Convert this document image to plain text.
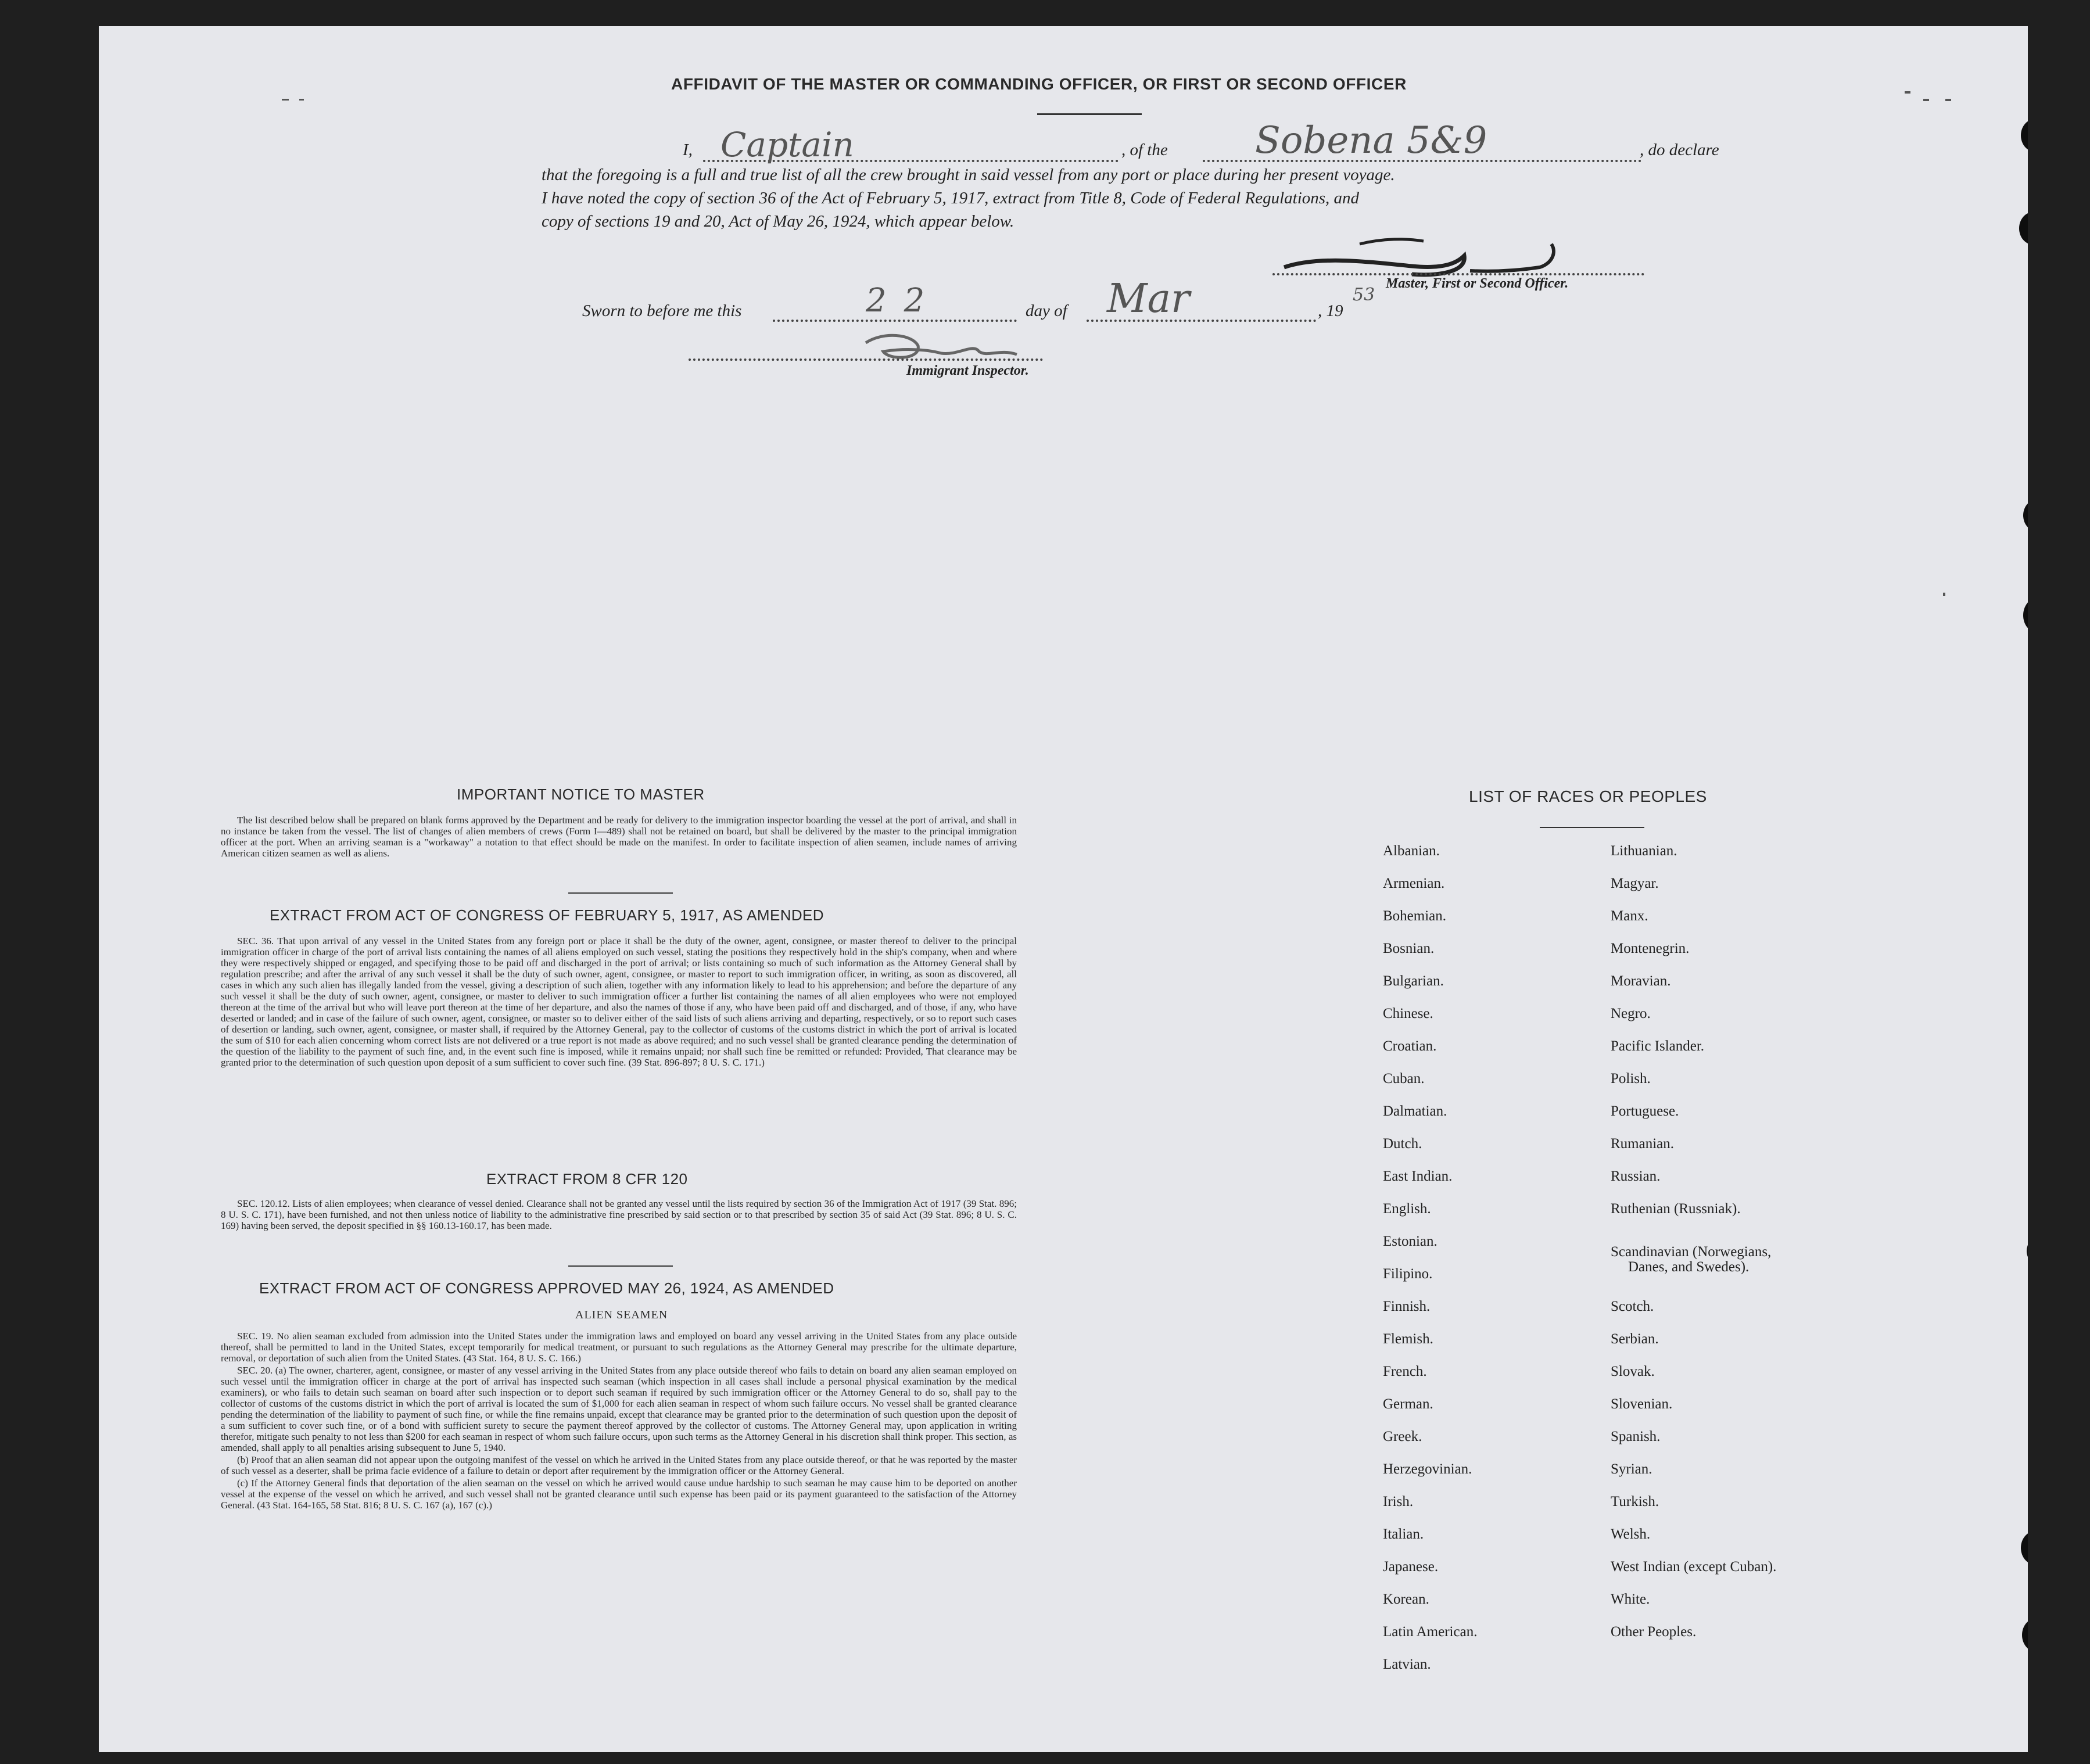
AFFIDAVIT OF THE MASTER OR COMMANDING OFFICER, OR FIRST OR SECOND OFFICER
I, Captain	, of the Sobena 5&9	, do declare
that the foregoing is a full and true list of all the crew brought in said vessel from any port or place during her present voyage.
I have noted the copy of section 36 of the Act of February 5, 1917, extract from Title 8, Code of Federal Regulations, and
copy of sections 19 and 20, Act of May 26, 1924, which appear below.
Master, First or Second Officer.
Sworn to before me this	22	day of Mar	, 19
53
Immigrant Inspector.
IMPORTANT NOTICE TO MASTER

The list described below shall be prepared on blank forms approved by the Department and be ready for delivery to the immigration inspector boarding the vessel at the port of arrival, and shall in no instance be taken from the vessel. The list of changes of alien members of crews (Form I—489) shall not be retained on board, but shall be delivered by the master to the principal immigration officer at the port. When an arriving seaman is a "workaway" a notation to that effect should be made on the manifest. In order to facilitate inspection of alien seamen, include names of arriving American citizen seamen as well as aliens.

EXTRACT FROM ACT OF CONGRESS OF FEBRUARY 5, 1917, AS AMENDED

SEC. 36. That upon arrival of any vessel in the United States from any foreign port or place it shall be the duty of the owner, agent, consignee, or master thereof to deliver to the principal immigration officer in charge of the port of arrival lists containing the names of all aliens employed on such vessel, stating the positions they respectively hold in the ship's company, when and where they were respectively shipped or engaged, and specifying those to be paid off and discharged in the port of arrival; or lists containing so much of such information as the Attorney General shall by regulation prescribe; and after the arrival of any such vessel it shall be the duty of such owner, agent, consignee, or master to report to such immigration officer, in writing, as soon as discovered, all cases in which any such alien has illegally landed from the vessel, giving a description of such alien, together with any information likely to lead to his apprehension; and before the departure of any such vessel it shall be the duty of such owner, agent, consignee, or master to deliver to such immigration officer a further list containing the names of all alien employees who were not employed thereon at the time of the arrival but who will leave port thereon at the time of her departure, and also the names of those if any, who have been paid off and discharged, and of those, if any, who have deserted or landed; and in case of the failure of such owner, agent, consignee, or master so to deliver either of the said lists of such aliens arriving and departing, respectively, or so to report such cases of desertion or landing, such owner, agent, consignee, or master shall, if required by the Attorney General, pay to the collector of customs of the customs district in which the port of arrival is located the sum of $10 for each alien concerning whom correct lists are not delivered or a true report is not made as above required; and no such vessel shall be granted clearance pending the determination of the question of the liability to the payment of such fine, and, in the event such fine is imposed, while it remains unpaid; nor shall such fine be remitted or refunded: Provided, That clearance may be granted prior to the determination of such question upon deposit of a sum sufficient to cover such fine. (39 Stat. 896-897; 8 U. S. C. 171.)

EXTRACT FROM 8 CFR 120

SEC. 120.12. Lists of alien employees; when clearance of vessel denied. Clearance shall not be granted any vessel until the lists required by section 36 of the Immigration Act of 1917 (39 Stat. 896; 8 U. S. C. 171), have been furnished, and not then unless notice of liability to the administrative fine prescribed by said section or to that prescribed by section 35 of said Act (39 Stat. 896; 8 U. S. C. 169) having been served, the deposit specified in §§ 160.13-160.17, has been made.

EXTRACT FROM ACT OF CONGRESS APPROVED MAY 26, 1924, AS AMENDED
ALIEN SEAMEN

SEC. 19. No alien seaman excluded from admission into the United States under the immigration laws and employed on board any vessel arriving in the United States from any place outside thereof, shall be permitted to land in the United States, except temporarily for medical treatment, or pursuant to such regulations as the Attorney General may prescribe for the ultimate departure, removal, or deportation of such alien from the United States. (43 Stat. 164, 8 U. S. C. 166.)

SEC. 20. (a) The owner, charterer, agent, consignee, or master of any vessel arriving in the United States from any place outside thereof who fails to detain on board any alien seaman employed on such vessel until the immigration officer in charge at the port of arrival has inspected such seaman (which inspection in all cases shall include a personal physical examination by the medical examiners), or who fails to detain such seaman on board after such inspection or to deport such seaman if required by such immigration officer or the Attorney General to do so, shall pay to the collector of customs of the customs district in which the port of arrival is located the sum of $1,000 for each alien seaman in respect of whom such failure occurs. No vessel shall be granted clearance pending the determination of the liability to payment of such fine, or while the fine remains unpaid, except that clearance may be granted prior to the determination of such question upon the deposit of a sum sufficient to cover such fine, or of a bond with sufficient surety to secure the payment thereof approved by the collector of customs. The Attorney General may, upon application in writing therefor, mitigate such penalty to not less than $200 for each seaman in respect of whom such failure occurs, upon such terms as the Attorney General in his discretion shall think proper. This section, as amended, shall apply to all penalties arising subsequent to June 5, 1940.

(b) Proof that an alien seaman did not appear upon the outgoing manifest of the vessel on which he arrived in the United States from any place outside thereof, or that he was reported by the master of such vessel as a deserter, shall be prima facie evidence of a failure to detain or deport after requirement by the immigration officer or the Attorney General.

(c) If the Attorney General finds that deportation of the alien seaman on the vessel on which he arrived would cause undue hardship to such seaman he may cause him to be deported on another vessel at the expense of the vessel on which he arrived, and such vessel shall not be granted clearance until such expense has been paid or its payment guaranteed to the satisfaction of the Attorney General. (43 Stat. 164-165, 58 Stat. 816; 8 U. S. C. 167 (a), 167 (c).)

LIST OF RACES OR PEOPLES
Albanian.
Armenian.
Bohemian.
Bosnian.
Bulgarian.
Chinese.
Croatian.
Cuban.
Dalmatian.
Dutch.
East Indian.
English.
Estonian.
Filipino.
Finnish.
Flemish.
French.
German.
Greek.
Herzegovinian.
Irish.
Italian.
Japanese.
Korean.
Latin American.
Latvian.
Lithuanian.
Magyar.
Manx.
Montenegrin.
Moravian.
Negro.
Pacific Islander.
Polish.
Portuguese.
Rumanian.
Russian.
Ruthenian (Russniak).
Scandinavian (Norwegians,
Danes, and Swedes).
Scotch.
Serbian.
Slovak.
Slovenian.
Spanish.
Syrian.
Turkish.
Welsh.
West Indian (except Cuban).
White.
Other Peoples.
